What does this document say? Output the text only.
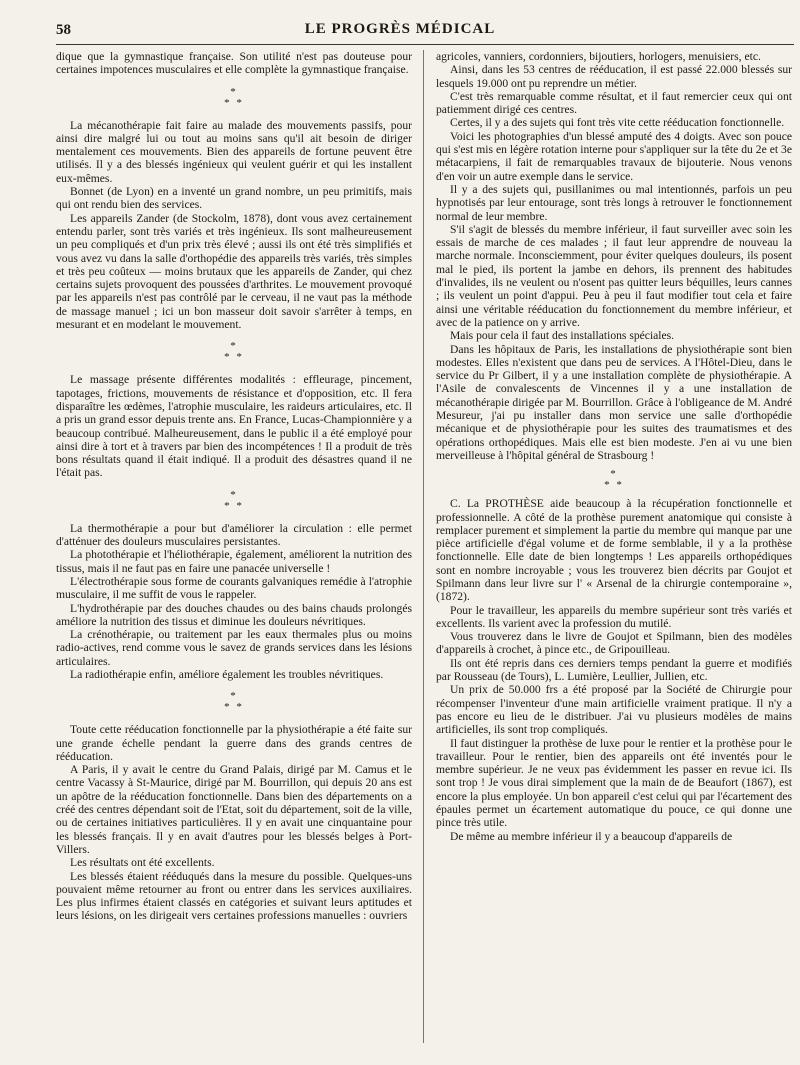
58	LE PROGRÈS MÉDICAL

dique que la gymnastique française. Son utilité n'est pas douteuse pour certaines impotences musculaires et elle complète la gymnastique française.

*
* *

La mécanothérapie fait faire au malade des mouvements passifs, pour ainsi dire malgré lui ou tout au moins sans qu'il ait besoin de diriger mentalement ces mouvements. Bien des appareils de fortune peuvent être utilisés. Il y a des blessés ingénieux qui veulent guérir et qui les installent eux-mêmes.

Bonnet (de Lyon) en a inventé un grand nombre, un peu primitifs, mais qui ont rendu bien des services.

Les appareils Zander (de Stockolm, 1878), dont vous avez certainement entendu parler, sont très variés et très ingénieux. Ils sont malheureusement un peu compliqués et d'un prix très élevé ; aussi ils ont été très simplifiés et vous avez vu dans la salle d'orthopédie des appareils très variés, très simples et très peu coûteux — moins brutaux que les appareils de Zander, qui chez certains sujets provoquent des poussées d'arthrites. Le mouvement provoqué par les appareils n'est pas contrôlé par le cerveau, il ne vaut pas la méthode de massage manuel ; ici un bon masseur doit savoir s'arrêter à temps, en mesurant et en modelant le mouvement.

*
* *

Le massage présente différentes modalités : effleurage, pincement, tapotages, frictions, mouvements de résistance et d'opposition, etc. Il fera disparaître les œdèmes, l'atrophie musculaire, les raideurs articulaires, etc. Il a pris un grand essor depuis trente ans. En France, Lucas-Championnière y a beaucoup contribué. Malheureusement, dans le public il a été employé pour ainsi dire à tort et à travers par bien des incompétences ! Il a produit de très bons résultats quand il était indiqué. Il a produit des désastres quand il ne l'était pas.

*
* *

La thermothérapie a pour but d'améliorer la circulation : elle permet d'atténuer des douleurs musculaires persistantes.

La photothérapie et l'héliothérapie, également, améliorent la nutrition des tissus, mais il ne faut pas en faire une panacée universelle !

L'électrothérapie sous forme de courants galvaniques remédie à l'atrophie musculaire, il me suffit de vous le rappeler.

L'hydrothérapie par des douches chaudes ou des bains chauds prolongés améliore la nutrition des tissus et diminue les douleurs névritiques.

La crénothérapie, ou traitement par les eaux thermales plus ou moins radio-actives, rend comme vous le savez de grands services dans les lésions articulaires.

La radiothérapie enfin, améliore également les troubles névritiques.

*
* *

Toute cette rééducation fonctionnelle par la physiothérapie a été faite sur une grande échelle pendant la guerre dans des grands centres de rééducation.

A Paris, il y avait le centre du Grand Palais, dirigé par M. Camus et le centre Vacassy à St-Maurice, dirigé par M. Bourrillon, qui depuis 20 ans est un apôtre de la rééducation fonctionnelle. Dans bien des départements on a créé des centres dépendant soit de l'Etat, soit du département, soit de la ville, ou de certaines initiatives particulières. Il y en avait une cinquantaine pour les blessés français. Il y en avait d'autres pour les blessés belges à Port-Villers.

Les résultats ont été excellents.

Les blessés étaient rééduqués dans la mesure du possible. Quelques-uns pouvaient même retourner au front ou entrer dans les services auxiliaires. Les plus infirmes étaient classés en catégories et suivant leurs aptitudes et leurs lésions, on les dirigeait vers certaines professions manuelles : ouvriers

agricoles, vanniers, cordonniers, bijoutiers, horlogers, menuisiers, etc.

Ainsi, dans les 53 centres de rééducation, il est passé 22.000 blessés sur lesquels 19.000 ont pu reprendre un métier.

C'est très remarquable comme résultat, et il faut remercier ceux qui ont patiemment dirigé ces centres.

Certes, il y a des sujets qui font très vite cette rééducation fonctionnelle.

Voici les photographies d'un blessé amputé des 4 doigts. Avec son pouce qui s'est mis en légère rotation interne pour s'appliquer sur la tête du 2e et 3e métacarpiens, il fait de remarquables travaux de bijouterie. Nous venons d'en voir un autre exemple dans le service.

Il y a des sujets qui, pusillanimes ou mal intentionnés, parfois un peu hypnotisés par leur entourage, sont très longs à retrouver le fonctionnement normal de leur membre.

S'il s'agit de blessés du membre inférieur, il faut surveiller avec soin les essais de marche de ces malades ; il faut leur apprendre de nouveau la marche normale. Inconsciemment, pour éviter quelques douleurs, ils posent mal le pied, ils portent la jambe en dehors, ils prennent des habitudes d'invalides, ils ne veulent ou n'osent pas quitter leurs béquilles, leurs cannes ; ils veulent un point d'appui. Peu à peu il faut modifier tout cela et faire ainsi une véritable rééducation du fonctionnement du membre inférieur, et avec de la patience on y arrive.

Mais pour cela il faut des installations spéciales.

Dans les hôpitaux de Paris, les installations de physiothérapie sont bien modestes. Elles n'existent que dans peu de services. A l'Hôtel-Dieu, dans le service du Pr Gilbert, il y a une installation complète de physiothérapie. A l'Asile de convalescents de Vincennes il y a une installation de mécanothérapie dirigée par M. Bourrillon. Grâce à l'obligeance de M. André Mesureur, j'ai pu installer dans mon service une salle d'orthopédie mécanique et de physiothérapie pour les suites des traumatismes et des opérations orthopédiques. Mais elle est bien modeste. J'en ai vu une bien merveilleuse à l'hôpital général de Strasbourg !

*
* *

C. La PROTHÈSE aide beaucoup à la récupération fonctionnelle et professionnelle. A côté de la prothèse purement anatomique qui consiste à remplacer purement et simplement la partie du membre qui manque par une pièce artificielle d'égal volume et de forme semblable, il y a la prothèse fonctionnelle. Elle date de bien longtemps ! Les appareils orthopédiques sont en nombre incroyable ; vous les trouverez bien décrits par Goujot et Spilmann dans leur livre sur l' « Arsenal de la chirurgie contemporaine », (1872).

Pour le travailleur, les appareils du membre supérieur sont très variés et excellents. Ils varient avec la profession du mutilé.

Vous trouverez dans le livre de Goujot et Spilmann, bien des modèles d'appareils à crochet, à pince etc., de Gripouilleau.

Ils ont été repris dans ces derniers temps pendant la guerre et modifiés par Rousseau (de Tours), L. Lumière, Leullier, Jullien, etc.

Un prix de 50.000 frs a été proposé par la Société de Chirurgie pour récompenser l'inventeur d'une main artificielle vraiment pratique. Il n'y a pas encore eu lieu de le distribuer. J'ai vu plusieurs modèles de mains artificielles, ils sont trop compliqués.

Il faut distinguer la prothèse de luxe pour le rentier et la prothèse pour le travailleur. Pour le rentier, bien des appareils ont été inventés pour le membre supérieur. Je ne veux pas évidemment les passer en revue ici. Ils sont trop ! Je vous dirai simplement que la main de de Beaufort (1867), est encore la plus employée. Un bon appareil c'est celui qui par l'écartement des épaules permet un écartement automatique du pouce, ce qui donne une pince très utile.

De même au membre inférieur il y a beaucoup d'appareils de
